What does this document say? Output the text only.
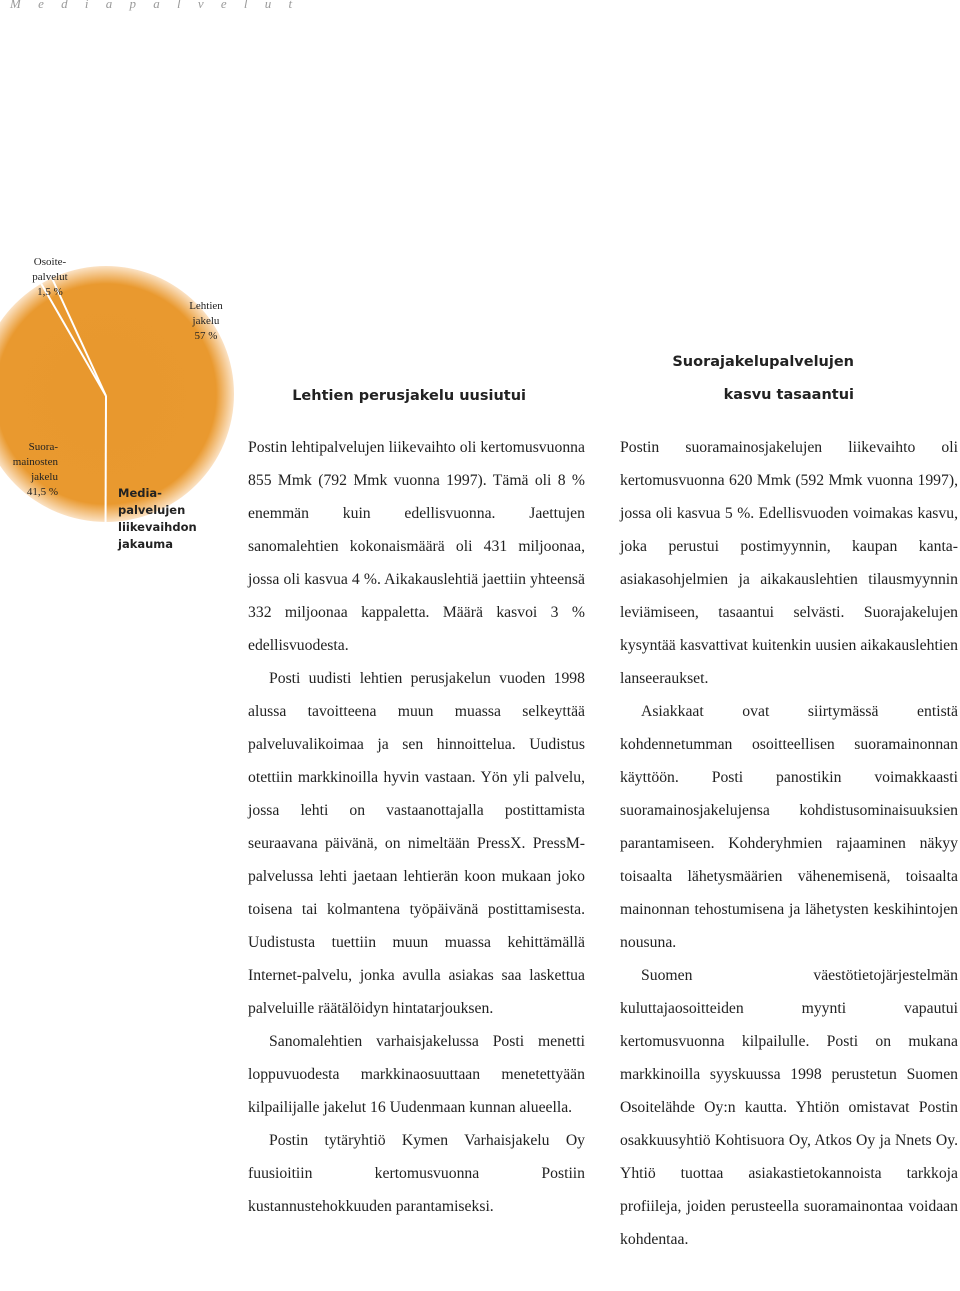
M e d i a p a l v e l u t
Osoite-
palvelut
1,5 %
Lehtien
jakelu
57 %
Suora-
mainosten
jakelu
41,5 %	Media-
palvelujen
liikevaihdon
jakauma
Lehtien perusjakelu uusiutui
Suorajakelupalvelujen
kasvu tasaantui

Postin lehtipalvelujen liikevaihto oli kertomusvuonna 855 Mmk (792 Mmk vuonna 1997). Tämä oli 8 % enemmän kuin edellisvuonna. Jaettujen sanomalehtien kokonaismäärä oli 431 miljoonaa, jossa oli kasvua 4 %. Aikakauslehtiä jaettiin yhteensä 332 miljoonaa kappaletta. Määrä kasvoi 3 % edellisvuodesta.

Posti uudisti lehtien perusjakelun vuoden 1998 alussa tavoitteena muun muassa selkeyttää palveluvalikoimaa ja sen hinnoittelua. Uudistus otettiin markkinoilla hyvin vastaan. Yön yli palvelu, jossa lehti on vastaanottajalla postittamista seuraavana päivänä, on nimeltään PressX. PressM-palvelussa lehti jaetaan lehtierän koon mukaan joko toisena tai kolmantena työpäivänä postittamisesta. Uudistusta tuettiin muun muassa kehittämällä Internet-palvelu, jonka avulla asiakas saa laskettua palveluille räätälöidyn hintatarjouksen.

Sanomalehtien varhaisjakelussa Posti menetti loppuvuodesta markkinaosuuttaan menetettyään kilpailijalle jakelut 16 Uudenmaan kunnan alueella.

Postin tytäryhtiö Kymen Varhaisjakelu Oy fuusioitiin kertomusvuonna Postiin kustannustehokkuuden parantamiseksi.

Postin suoramainosjakelujen liikevaihto oli kertomusvuonna 620 Mmk (592 Mmk vuonna 1997), jossa oli kasvua 5 %. Edellisvuoden voimakas kasvu, joka perustui postimyynnin, kaupan kanta-asiakasohjelmien ja aikakauslehtien tilausmyynnin leviämiseen, tasaantui selvästi. Suorajakelujen kysyntää kasvattivat kuitenkin uusien aikakauslehtien lanseeraukset.

Asiakkaat ovat siirtymässä entistä kohdennetumman osoitteellisen suoramainonnan käyttöön. Posti panostikin voimakkaasti suoramainosjakelujensa kohdistusominaisuuksien parantamiseen. Kohderyhmien rajaaminen näkyy toisaalta lähetysmäärien vähenemisenä, toisaalta mainonnan tehostumisena ja lähetysten keskihintojen nousuna.

Suomen väestötietojärjestelmän kuluttajaosoitteiden myynti vapautui kertomusvuonna kilpailulle. Posti on mukana markkinoilla syyskuussa 1998 perustetun Suomen Osoitelähde Oy:n kautta. Yhtiön omistavat Postin osakkuusyhtiö Kohtisuora Oy, Atkos Oy ja Nnets Oy. Yhtiö tuottaa asiakastietokannoista tarkkoja profiileja, joiden perusteella suoramainontaa voidaan kohdentaa.
